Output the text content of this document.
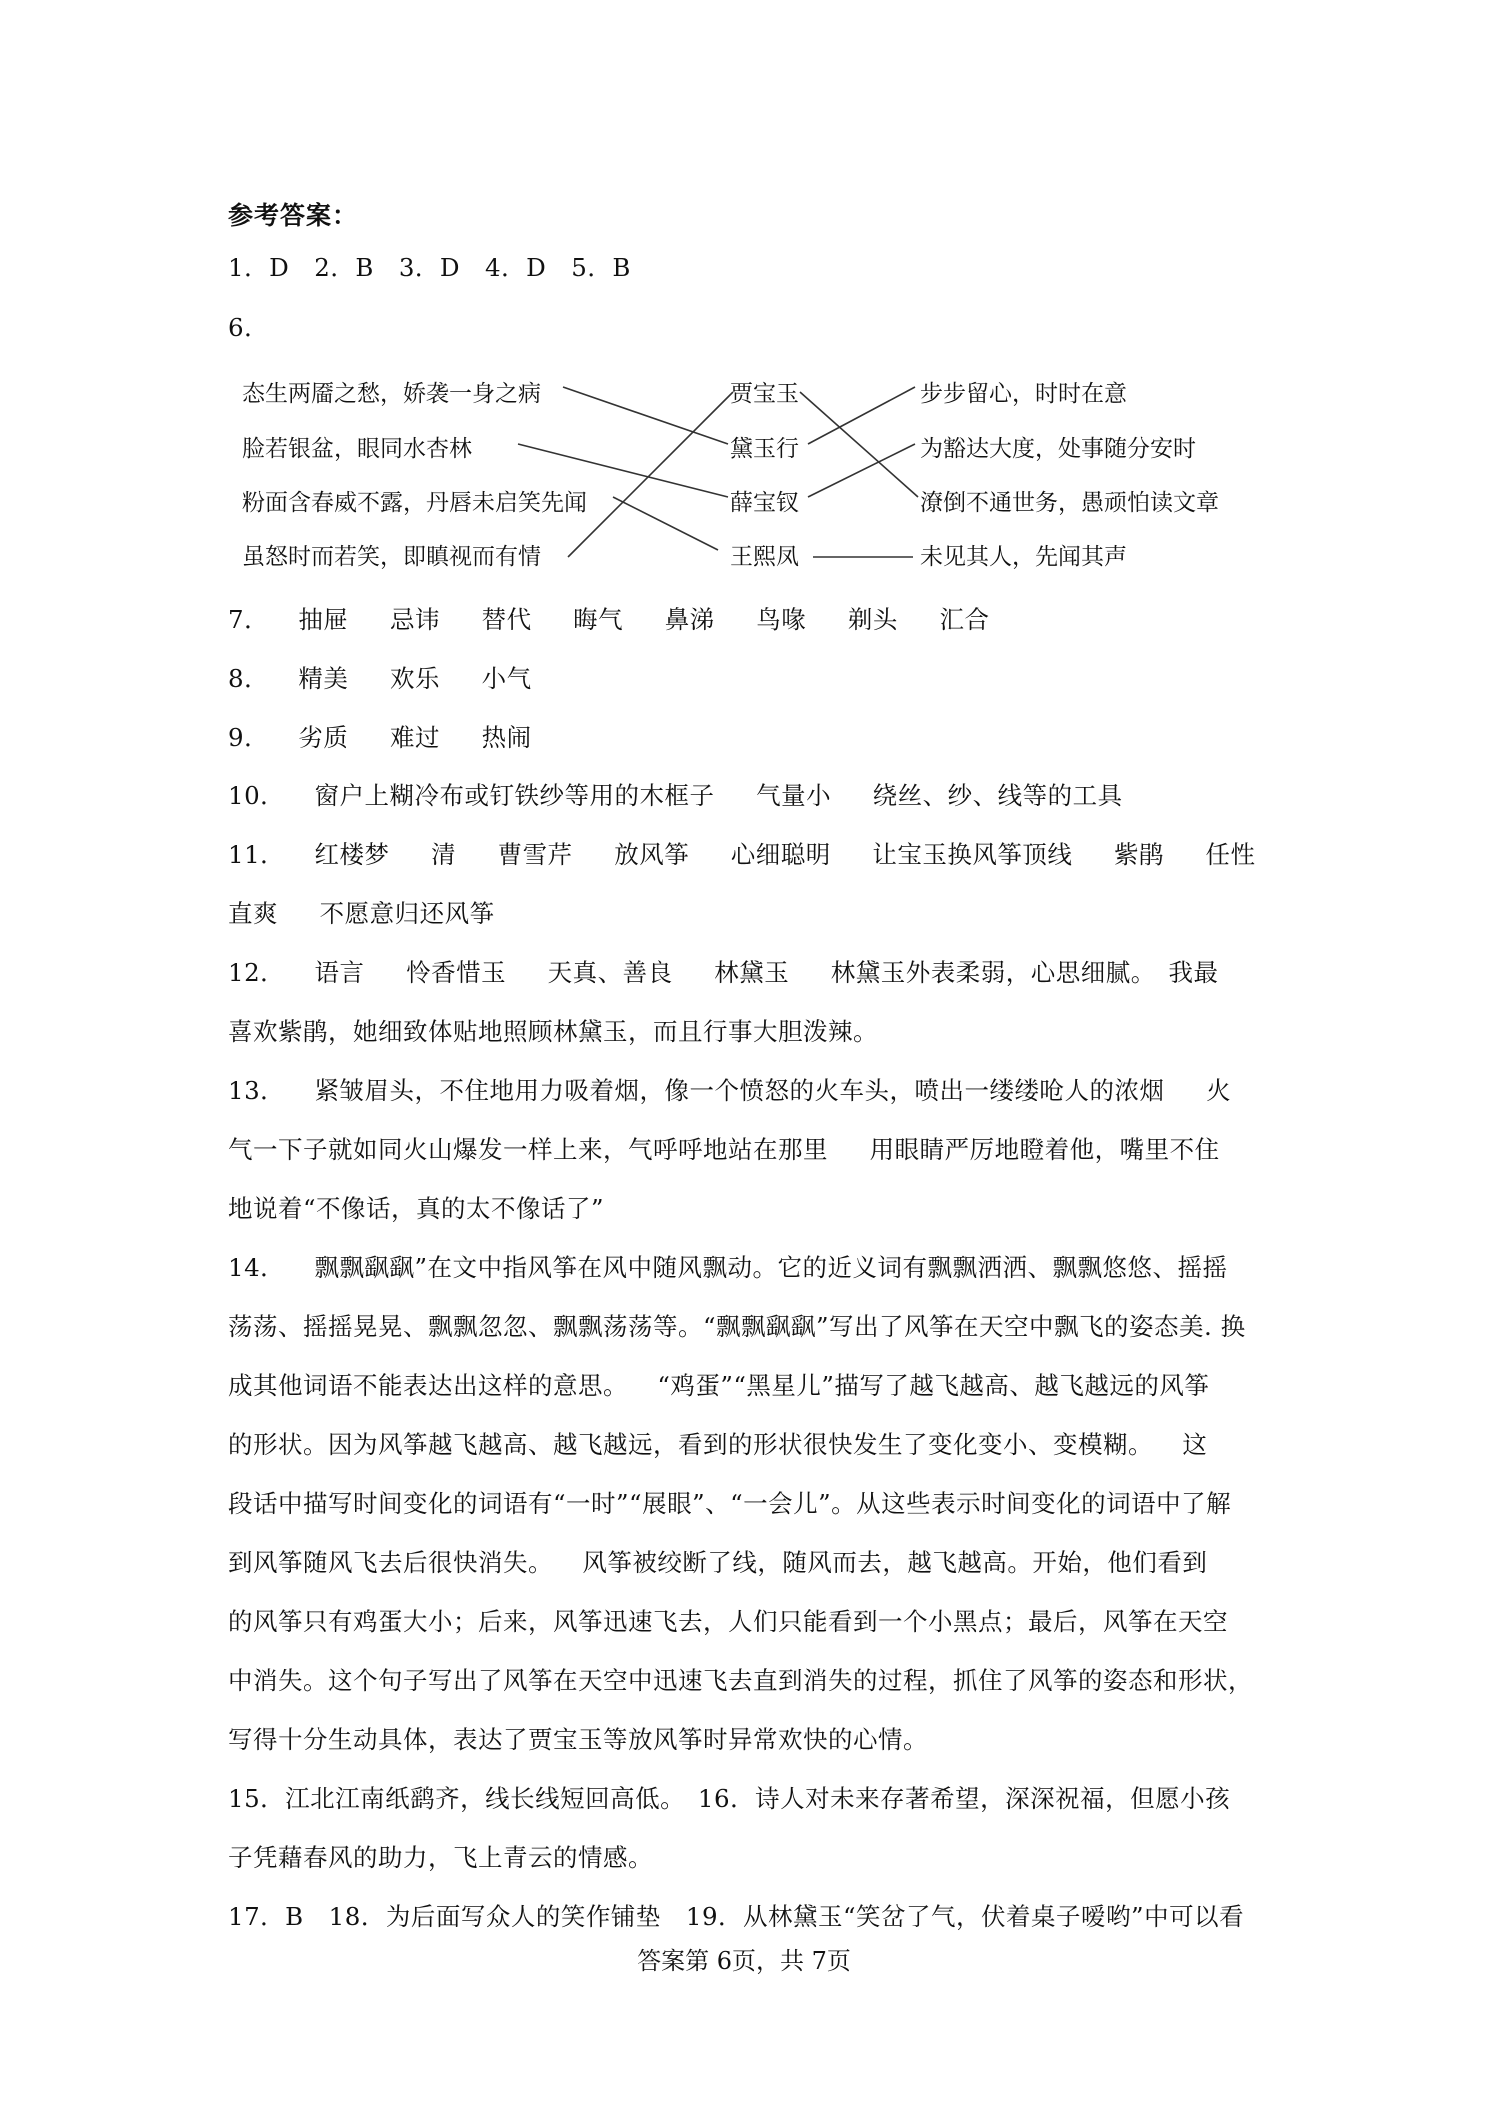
参考答案：
1．D　2．B　3．D　4．D　5．B
6．
态生两靥之愁，娇袭一身之病
脸若银盆，眼同水杏林
粉面含春威不露，丹唇未启笑先闻
虽怒时而若笑，即瞋视而有情
贾宝玉
黛玉行
薛宝钗
王熙凤
步步留心，时时在意
为豁达大度，处事随分安时
潦倒不通世务，愚顽怕读文章
未见其人，先闻其声
7．　  抽屉　  忌讳　  替代　  晦气　  鼻涕　  鸟喙　  剃头　  汇合
8．　  精美　  欢乐　  小气
9．　  劣质　  难过　  热闹
10．　  窗户上糊冷布或钉铁纱等用的木框子　  气量小　  绕丝、纱、线等的工具
11．　  红楼梦　  清　  曹雪芹　  放风筝　  心细聪明　  让宝玉换风筝顶线　  紫鹃　  任性
直爽　  不愿意归还风筝
12．　  语言　  怜香惜玉　  天真、善良　  林黛玉　  林黛玉外表柔弱，心思细腻。　我最
喜欢紫鹃，她细致体贴地照顾林黛玉，而且行事大胆泼辣。
13．　  紧皱眉头，不住地用力吸着烟，像一个愤怒的火车头，喷出一缕缕呛人的浓烟　  火
气一下子就如同火山爆发一样上来，气呼呼地站在那里　  用眼睛严厉地瞪着他，嘴里不住
地说着“不像话，真的太不像话了”
14．　  飘飘飖飖”在文中指风筝在风中随风飘动。它的近义词有飘飘洒洒、飘飘悠悠、摇摇
荡荡、摇摇晃晃、飘飘忽忽、飘飘荡荡等。“飘飘飖飖”写出了风筝在天空中飘飞的姿态美. 换
成其他词语不能表达出这样的意思。　  “鸡蛋”“黑星儿”描写了越飞越高、越飞越远的风筝
的形状。因为风筝越飞越高、越飞越远，看到的形状很快发生了变化变小、变模糊。　  这
段话中描写时间变化的词语有“一时”“展眼”、“一会儿”。从这些表示时间变化的词语中了解
到风筝随风飞去后很快消失。　  风筝被绞断了线，随风而去，越飞越高。开始，他们看到
的风筝只有鸡蛋大小；后来，风筝迅速飞去，人们只能看到一个小黑点；最后，风筝在天空
中消失。这个句子写出了风筝在天空中迅速飞去直到消失的过程，抓住了风筝的姿态和形状，
写得十分生动具体，表达了贾宝玉等放风筝时异常欢快的心情。
15．江北江南纸鹞齐，线长线短回高低。　16．诗人对未来存著希望，深深祝福，但愿小孩
子凭藉春风的助力，飞上青云的情感。
17．B　18．为后面写众人的笑作铺垫　19．从林黛玉“笑岔了气，伏着桌子嗳哟”中可以看
答案第 6页，共 7页
